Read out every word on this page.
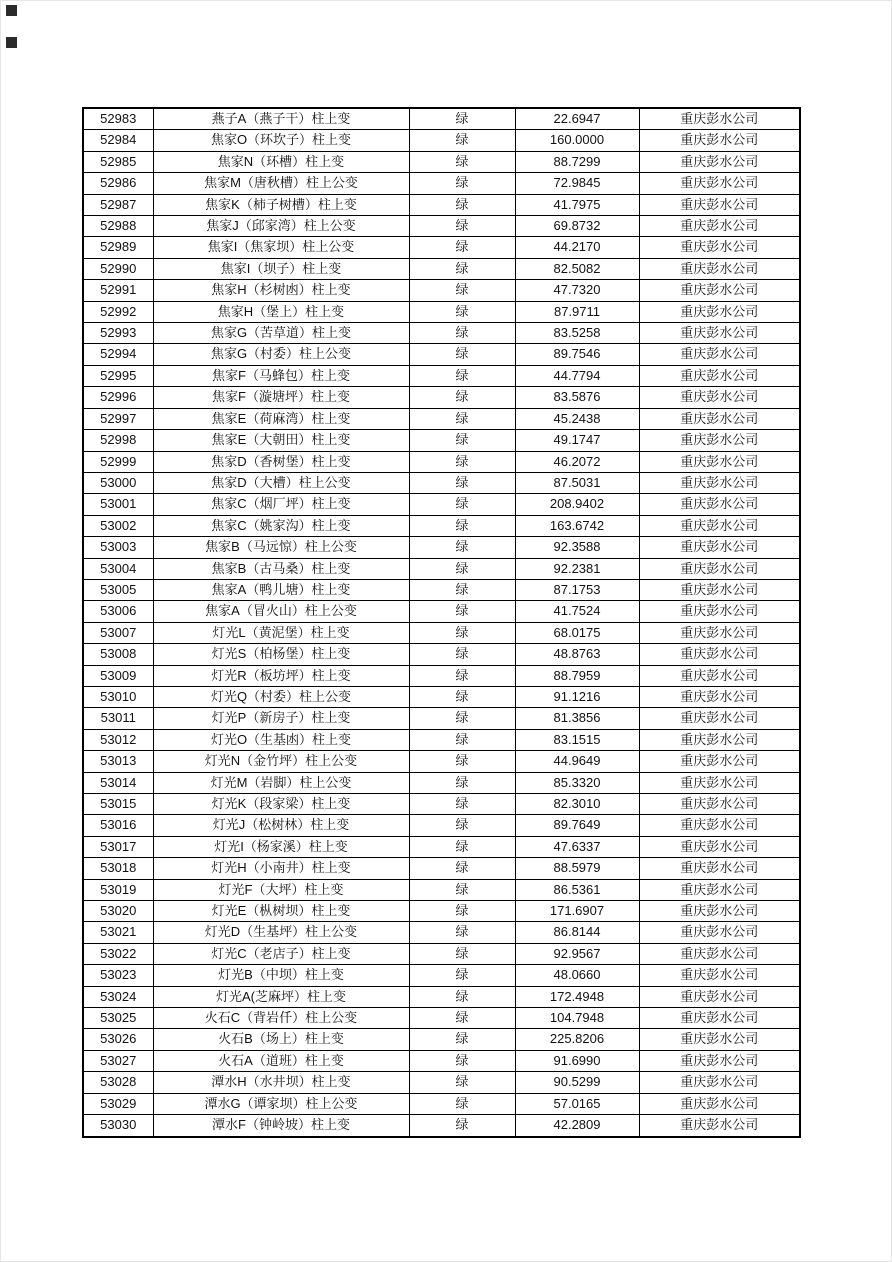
52983	燕子A（燕子干）柱上变	绿	22.6947	重庆彭水公司
52984	焦家O（环坎子）柱上变	绿	160.0000	重庆彭水公司
52985	焦家N（环槽）柱上变	绿	88.7299	重庆彭水公司
52986	焦家M（唐秋槽）柱上公变	绿	72.9845	重庆彭水公司
52987	焦家K（柿子树槽）柱上变	绿	41.7975	重庆彭水公司
52988	焦家J（邱家湾）柱上公变	绿	69.8732	重庆彭水公司
52989	焦家I（焦家坝）柱上公变	绿	44.2170	重庆彭水公司
52990	焦家I（坝子）柱上变	绿	82.5082	重庆彭水公司
52991	焦家H（杉树凼）柱上变	绿	47.7320	重庆彭水公司
52992	焦家H（堡上）柱上变	绿	87.9711	重庆彭水公司
52993	焦家G（苦草道）柱上变	绿	83.5258	重庆彭水公司
52994	焦家G（村委）柱上公变	绿	89.7546	重庆彭水公司
52995	焦家F（马蜂包）柱上变	绿	44.7794	重庆彭水公司
52996	焦家F（漩塘坪）柱上变	绿	83.5876	重庆彭水公司
52997	焦家E（荷麻湾）柱上变	绿	45.2438	重庆彭水公司
52998	焦家E（大朝田）柱上变	绿	49.1747	重庆彭水公司
52999	焦家D（香树堡）柱上变	绿	46.2072	重庆彭水公司
53000	焦家D（大槽）柱上公变	绿	87.5031	重庆彭水公司
53001	焦家C（烟厂坪）柱上变	绿	208.9402	重庆彭水公司
53002	焦家C（姚家沟）柱上变	绿	163.6742	重庆彭水公司
53003	焦家B（马远惊）柱上公变	绿	92.3588	重庆彭水公司
53004	焦家B（古马桑）柱上变	绿	92.2381	重庆彭水公司
53005	焦家A（鸭儿塘）柱上变	绿	87.1753	重庆彭水公司
53006	焦家A（冒火山）柱上公变	绿	41.7524	重庆彭水公司
53007	灯光L（黄泥堡）柱上变	绿	68.0175	重庆彭水公司
53008	灯光S（柏杨堡）柱上变	绿	48.8763	重庆彭水公司
53009	灯光R（板坊坪）柱上变	绿	88.7959	重庆彭水公司
53010	灯光Q（村委）柱上公变	绿	91.1216	重庆彭水公司
53011	灯光P（新房子）柱上变	绿	81.3856	重庆彭水公司
53012	灯光O（生基凼）柱上变	绿	83.1515	重庆彭水公司
53013	灯光N（金竹坪）柱上公变	绿	44.9649	重庆彭水公司
53014	灯光M（岩脚）柱上公变	绿	85.3320	重庆彭水公司
53015	灯光K（段家梁）柱上变	绿	82.3010	重庆彭水公司
53016	灯光J（松树林）柱上变	绿	89.7649	重庆彭水公司
53017	灯光I（杨家溪）柱上变	绿	47.6337	重庆彭水公司
53018	灯光H（小南井）柱上变	绿	88.5979	重庆彭水公司
53019	灯光F（大坪）柱上变	绿	86.5361	重庆彭水公司
53020	灯光E（枞树坝）柱上变	绿	171.6907	重庆彭水公司
53021	灯光D（生基坪）柱上公变	绿	86.8144	重庆彭水公司
53022	灯光C（老店子）柱上变	绿	92.9567	重庆彭水公司
53023	灯光B（中坝）柱上变	绿	48.0660	重庆彭水公司
53024	灯光A(芝麻坪）柱上变	绿	172.4948	重庆彭水公司
53025	火石C（背岩仟）柱上公变	绿	104.7948	重庆彭水公司
53026	火石B（场上）柱上变	绿	225.8206	重庆彭水公司
53027	火石A（道班）柱上变	绿	91.6990	重庆彭水公司
53028	潭水H（水井坝）柱上变	绿	90.5299	重庆彭水公司
53029	潭水G（谭家坝）柱上公变	绿	57.0165	重庆彭水公司
53030	潭水F（钟岭坡）柱上变	绿	42.2809	重庆彭水公司
